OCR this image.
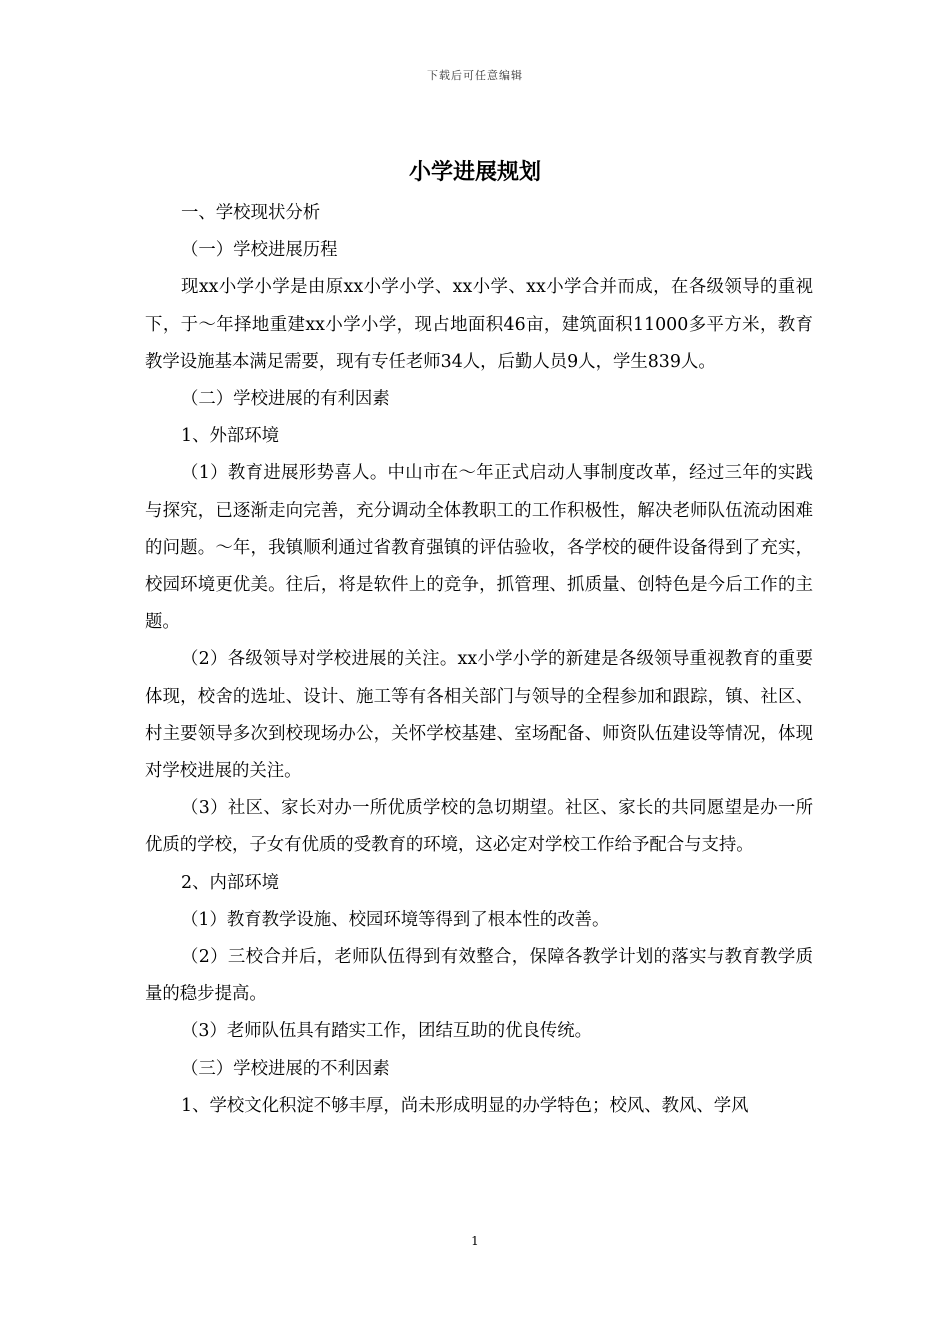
下载后可任意编辑
小学进展规划

一、学校现状分析

（一）学校进展历程

现xx小学小学是由原xx小学小学、xx小学、xx小学合并而成，在各级领导的重视下，于～年择地重建xx小学小学，现占地面积46亩，建筑面积11000多平方米，教育教学设施基本满足需要，现有专任老师34人，后勤人员9人，学生839人。

（二）学校进展的有利因素

1、外部环境

（1）教育进展形势喜人。中山市在～年正式启动人事制度改革，经过三年的实践与探究，已逐渐走向完善，充分调动全体教职工的工作积极性，解决老师队伍流动困难的问题。～年，我镇顺利通过省教育强镇的评估验收，各学校的硬件设备得到了充实，校园环境更优美。往后，将是软件上的竞争，抓管理、抓质量、创特色是今后工作的主题。

（2）各级领导对学校进展的关注。xx小学小学的新建是各级领导重视教育的重要体现，校舍的选址、设计、施工等有各相关部门与领导的全程参加和跟踪，镇、社区、村主要领导多次到校现场办公，关怀学校基建、室场配备、师资队伍建设等情况，体现对学校进展的关注。

（3）社区、家长对办一所优质学校的急切期望。社区、家长的共同愿望是办一所优质的学校，子女有优质的受教育的环境，这必定对学校工作给予配合与支持。

2、内部环境

（1）教育教学设施、校园环境等得到了根本性的改善。

（2）三校合并后，老师队伍得到有效整合，保障各教学计划的落实与教育教学质量的稳步提高。

（3）老师队伍具有踏实工作，团结互助的优良传统。

（三）学校进展的不利因素

1、学校文化积淀不够丰厚，尚未形成明显的办学特色；校风、教风、学风

1
